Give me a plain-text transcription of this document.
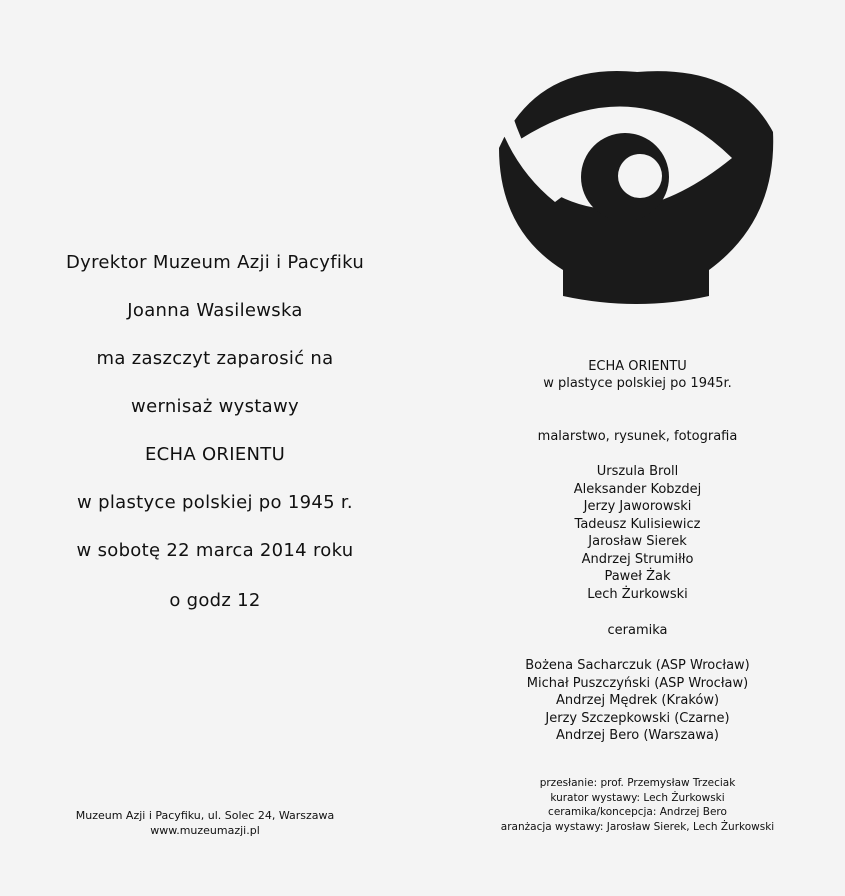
Dyrektor Muzeum Azji i Pacyfiku
Joanna Wasilewska
ma zaszczyt zaparosić na
wernisaż wystawy
ECHA ORIENTU
w plastyce polskiej po 1945 r.
w sobotę 22 marca 2014 roku
o godz 12
Muzeum Azji i Pacyfiku, ul. Solec 24, Warszawa
www.muzeumazji.pl
ECHA ORIENTU
w plastyce polskiej po 1945r.
malarstwo, rysunek, fotografia
Urszula Broll
Aleksander Kobzdej
Jerzy Jaworowski
Tadeusz Kulisiewicz
Jarosław Sierek
Andrzej Strumiłło
Paweł Żak
Lech Żurkowski
ceramika
Bożena Sacharczuk (ASP Wrocław)
Michał Puszczyński (ASP Wrocław)
Andrzej Mędrek (Kraków)
Jerzy Szczepkowski (Czarne)
Andrzej Bero (Warszawa)
przesłanie: prof. Przemysław Trzeciak
kurator wystawy: Lech Żurkowski
ceramika/koncepcja: Andrzej Bero
aranżacja wystawy: Jarosław Sierek, Lech Żurkowski
